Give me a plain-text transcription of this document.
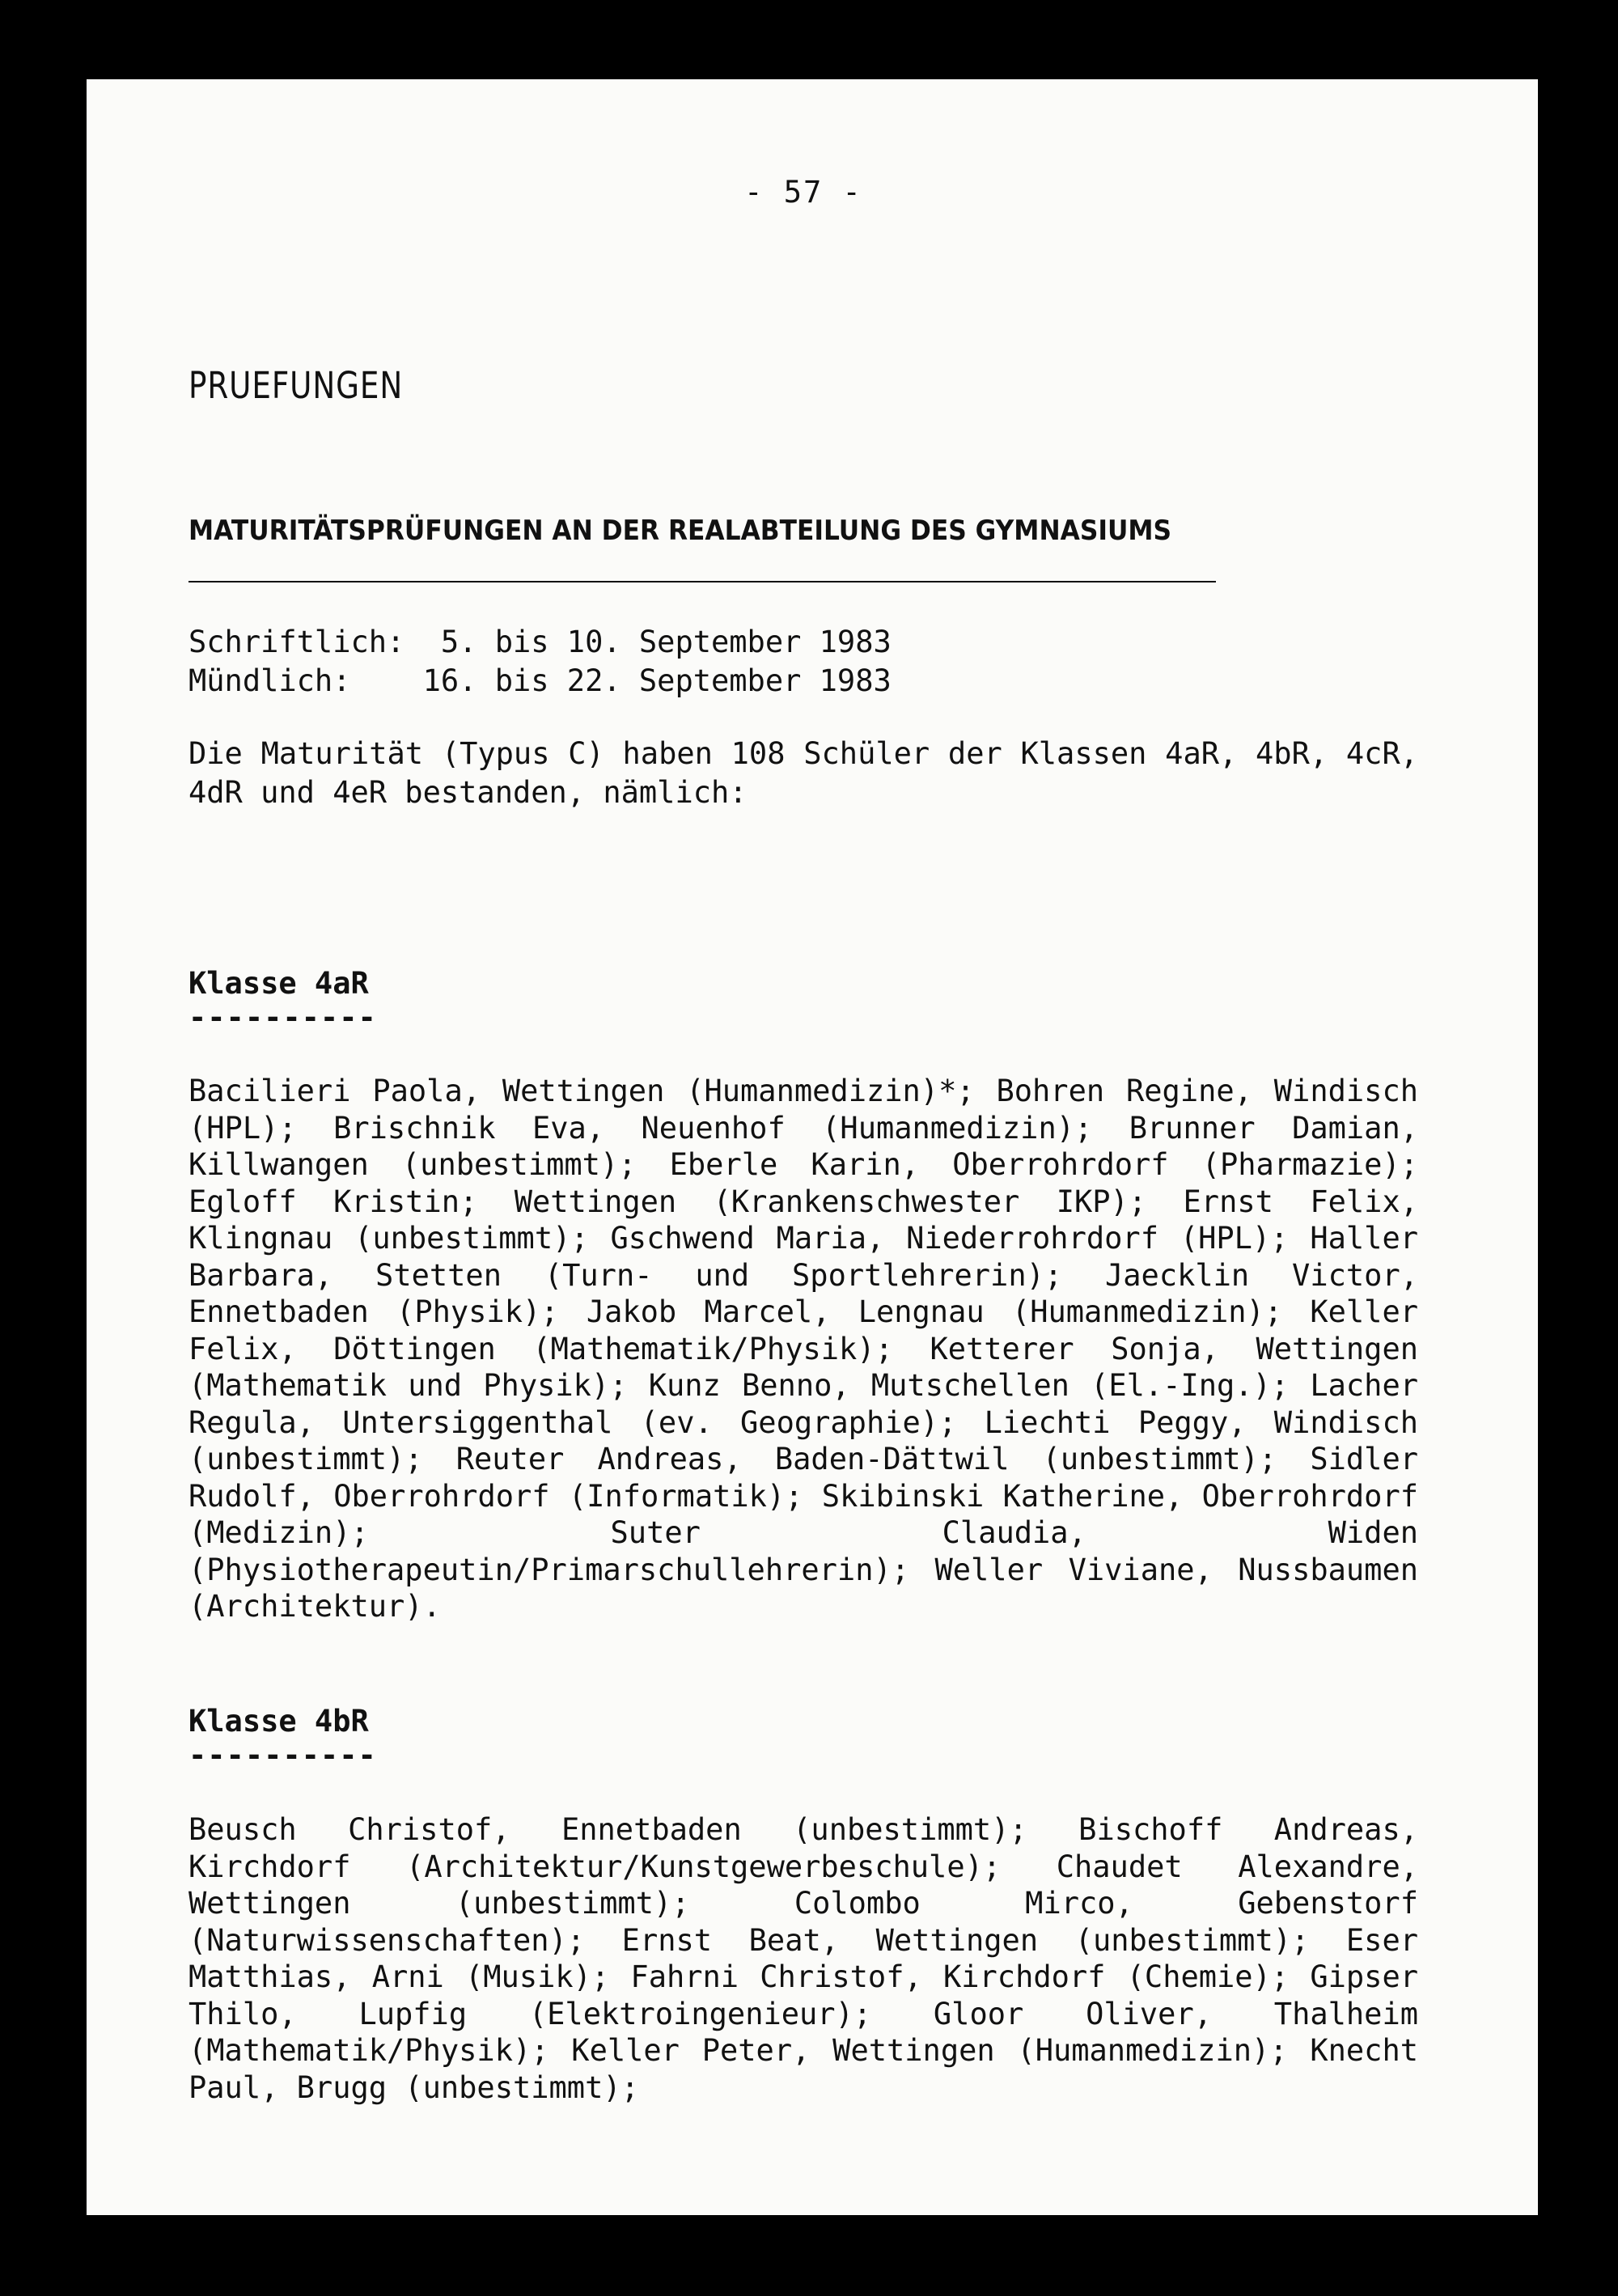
- 57 -
PRUEFUNGEN
MATURITÄTSPRÜFUNGEN AN DER REALABTEILUNG DES GYMNASIUMS
Schriftlich:  5. bis 10. September 1983
Mündlich:    16. bis 22. September 1983
Die Maturität (Typus C) haben 108 Schüler der Klassen 4aR, 4bR, 4cR, 4dR und 4eR bestanden, nämlich:
Klasse 4aR
----------
Bacilieri Paola, Wettingen (Humanmedizin)*; Bohren Regine, Windisch (HPL); Brischnik Eva, Neuenhof (Humanmedizin); Brunner Damian, Killwangen (unbestimmt); Eberle Karin, Oberrohrdorf (Pharmazie); Egloff Kristin; Wettingen (Krankenschwester IKP); Ernst Felix, Klingnau (unbestimmt); Gschwend Maria, Niederrohrdorf (HPL); Haller Barbara, Stetten (Turn- und Sportlehrerin); Jaecklin Victor, Ennetbaden (Physik); Jakob Marcel, Lengnau (Humanmedizin); Keller Felix, Döttingen (Mathematik/Physik); Ketterer Sonja, Wettingen (Mathematik und Physik); Kunz Benno, Mutschellen (El.-Ing.); Lacher Regula, Untersiggenthal (ev. Geographie); Liechti Peggy, Windisch (unbestimmt); Reuter Andreas, Baden-Dättwil (unbestimmt); Sidler Rudolf, Oberrohrdorf (Informatik); Skibinski Katherine, Oberrohrdorf (Medizin); Suter Claudia, Widen (Physiotherapeutin/Primarschullehrerin); Weller Viviane, Nussbaumen (Architektur).
Klasse 4bR
----------
Beusch Christof, Ennetbaden (unbestimmt); Bischoff Andreas, Kirchdorf (Architektur/Kunstgewerbeschule); Chaudet Alexandre, Wettingen (unbestimmt); Colombo Mirco, Gebenstorf (Naturwissenschaften); Ernst Beat, Wettingen (unbestimmt); Eser Matthias, Arni (Musik); Fahrni Christof, Kirchdorf (Chemie); Gipser Thilo, Lupfig (Elektroingenieur); Gloor Oliver, Thalheim (Mathematik/Physik); Keller Peter, Wettingen (Humanmedizin); Knecht Paul, Brugg (unbestimmt);
